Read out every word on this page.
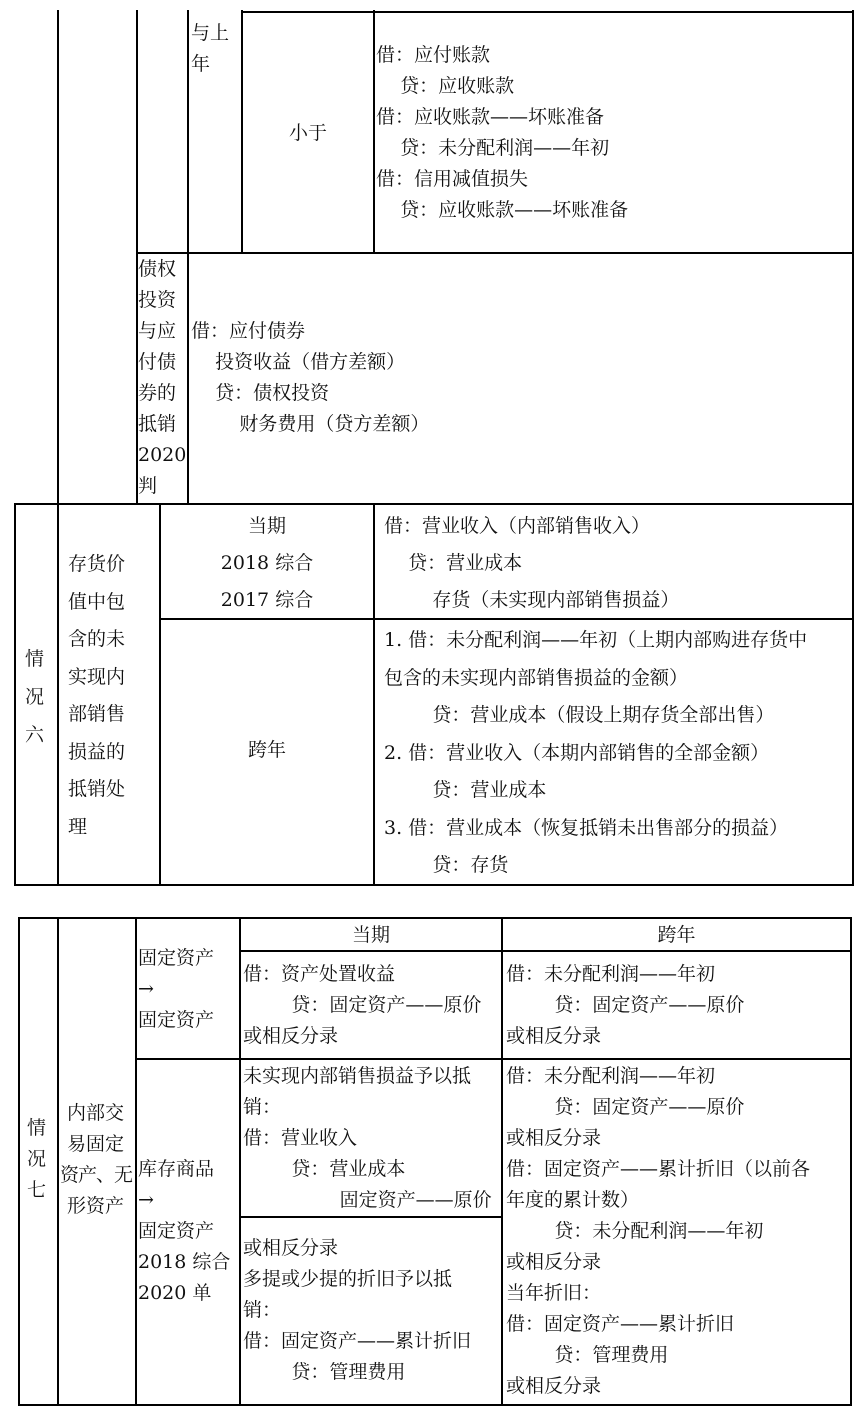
与上
年
小于
借：应付账款
贷：应收账款
借：应收账款——坏账准备
贷：未分配利润——年初
借：信用减值损失
贷：应收账款——坏账准备
债权
投资
与应
付债
券的
抵销
2020
判
借：应付债券
投资收益（借方差额）
贷：债权投资
财务费用（贷方差额）
情
况
六
存货价
值中包
含的未
实现内
部销售
损益的
抵销处
理
当期
2018 综合
2017 综合
借：营业收入（内部销售收入）
贷：营业成本
存货（未实现内部销售损益）
跨年
1. 借：未分配利润——年初（上期内部购进存货中
包含的未实现内部销售损益的金额）
贷：营业成本（假设上期存货全部出售）
2. 借：营业收入（本期内部销售的全部金额）
贷：营业成本
3. 借：营业成本（恢复抵销未出售部分的损益）
贷：存货
情
况
七
内部交
易固定
资产、无
形资产
当期	跨年
固定资产
→
固定资产
借：资产处置收益
贷：固定资产——原价
或相反分录
借：未分配利润——年初
贷：固定资产——原价
或相反分录
库存商品
→
固定资产
2018 综合
2020 单
未实现内部销售损益予以抵
销：
借：营业收入
贷：营业成本
固定资产——原价
或相反分录
多提或少提的折旧予以抵
销：
借：固定资产——累计折旧
贷：管理费用
借：未分配利润——年初
贷：固定资产——原价
或相反分录
借：固定资产——累计折旧（以前各
年度的累计数）
贷：未分配利润——年初
或相反分录
当年折旧：
借：固定资产——累计折旧
贷：管理费用
或相反分录
